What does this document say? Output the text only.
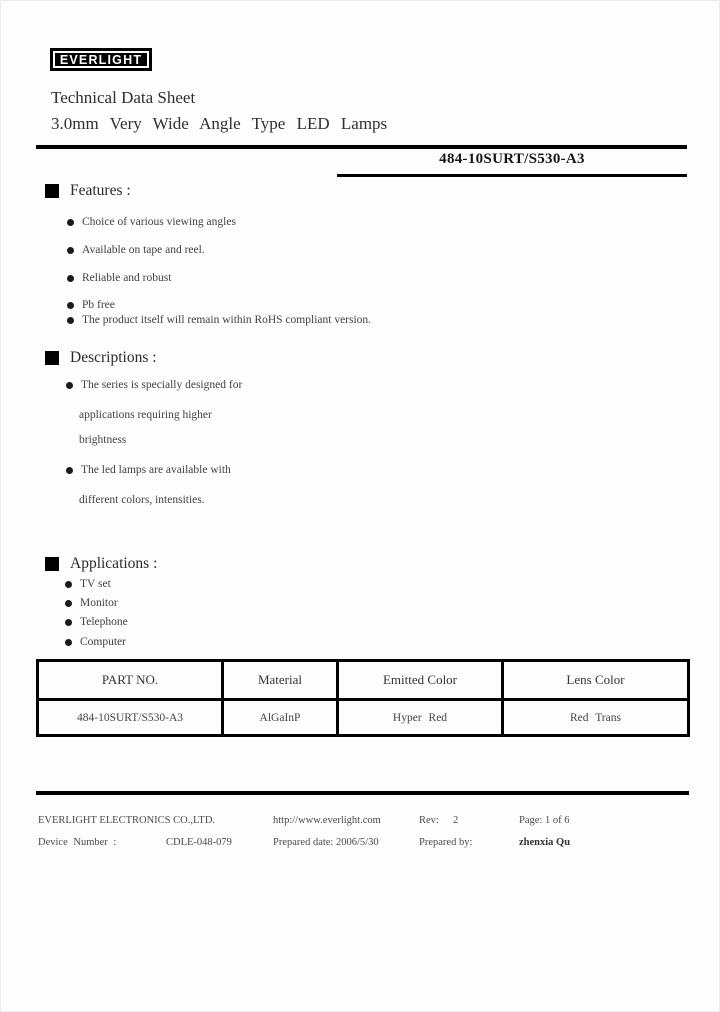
EVERLIGHT
Technical Data Sheet
3.0mm Very Wide Angle Type LED Lamps
484-10SURT/S530-A3
Features :
Choice of various viewing angles
Available on tape and reel.
Reliable and robust
Pb free
The product itself will remain within RoHS compliant version.
Descriptions :
The series is specially designed for
applications requiring higher
brightness
The led lamps are available with
different colors, intensities.
Applications :
TV set
Monitor
Telephone
Computer
PART NO.	Material	Emitted Color	Lens Color
484-10SURT/S530-A3	AlGaInP	Hyper Red	Red Trans
EVERLIGHT ELECTRONICS CO.,LTD.	http://www.everlight.com	Rev: 2	Page: 1 of 6
Device Number :	CDLE-048-079	Prepared date: 2006/5/30	Prepared by:	zhenxia Qu
